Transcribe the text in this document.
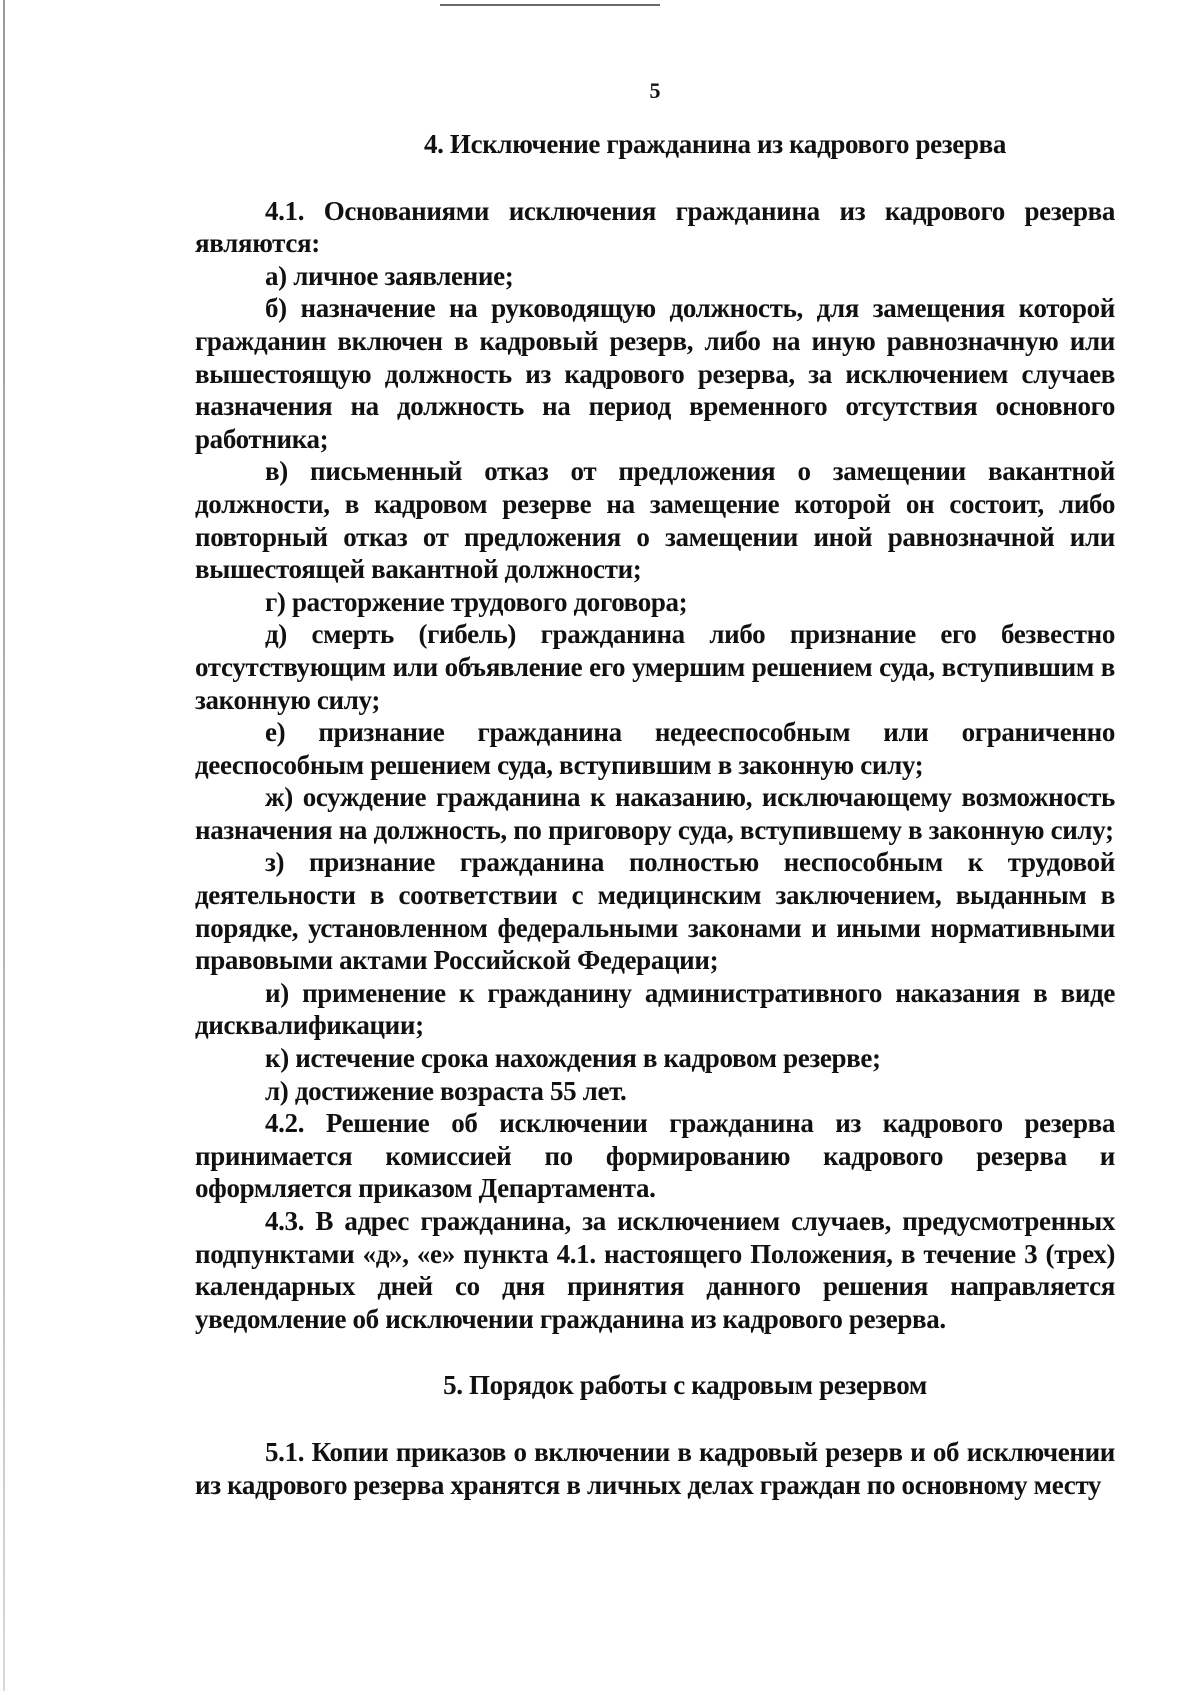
5

4. Исключение гражданина из кадрового резерва

4.1. Основаниями исключения гражданина из кадрового резерва являются:

а) личное заявление;

б) назначение на руководящую должность, для замещения которой гражданин включен в кадровый резерв, либо на иную равнозначную или вышестоящую должность из кадрового резерва, за исключением случаев назначения на должность на период временного отсутствия основного работника;

в) письменный отказ от предложения о замещении вакантной должности, в кадровом резерве на замещение которой он состоит, либо повторный отказ от предложения о замещении иной равнозначной или вышестоящей вакантной должности;

г) расторжение трудового договора;

д) смерть (гибель) гражданина либо признание его безвестно отсутствующим или объявление его умершим решением суда, вступившим в законную силу;

е) признание гражданина недееспособным или ограниченно дееспособным решением суда, вступившим в законную силу;

ж) осуждение гражданина к наказанию, исключающему возможность назначения на должность, по приговору суда, вступившему в законную силу;

з) признание гражданина полностью неспособным к трудовой деятельности в соответствии с медицинским заключением, выданным в порядке, установленном федеральными законами и иными нормативными правовыми актами Российской Федерации;

и) применение к гражданину административного наказания в виде дисквалификации;

к) истечение срока нахождения в кадровом резерве;

л) достижение возраста 55 лет.

4.2. Решение об исключении гражданина из кадрового резерва принимается комиссией по формированию кадрового резерва и оформляется приказом Департамента.

4.3. В адрес гражданина, за исключением случаев, предусмотренных подпунктами «д», «е» пункта 4.1. настоящего Положения, в течение 3 (трех) календарных дней со дня принятия данного решения направляется уведомление об исключении гражданина из кадрового резерва.

5. Порядок работы с кадровым резервом

5.1. Копии приказов о включении в кадровый резерв и об исключении из кадрового резерва хранятся в личных делах граждан по основному месту
